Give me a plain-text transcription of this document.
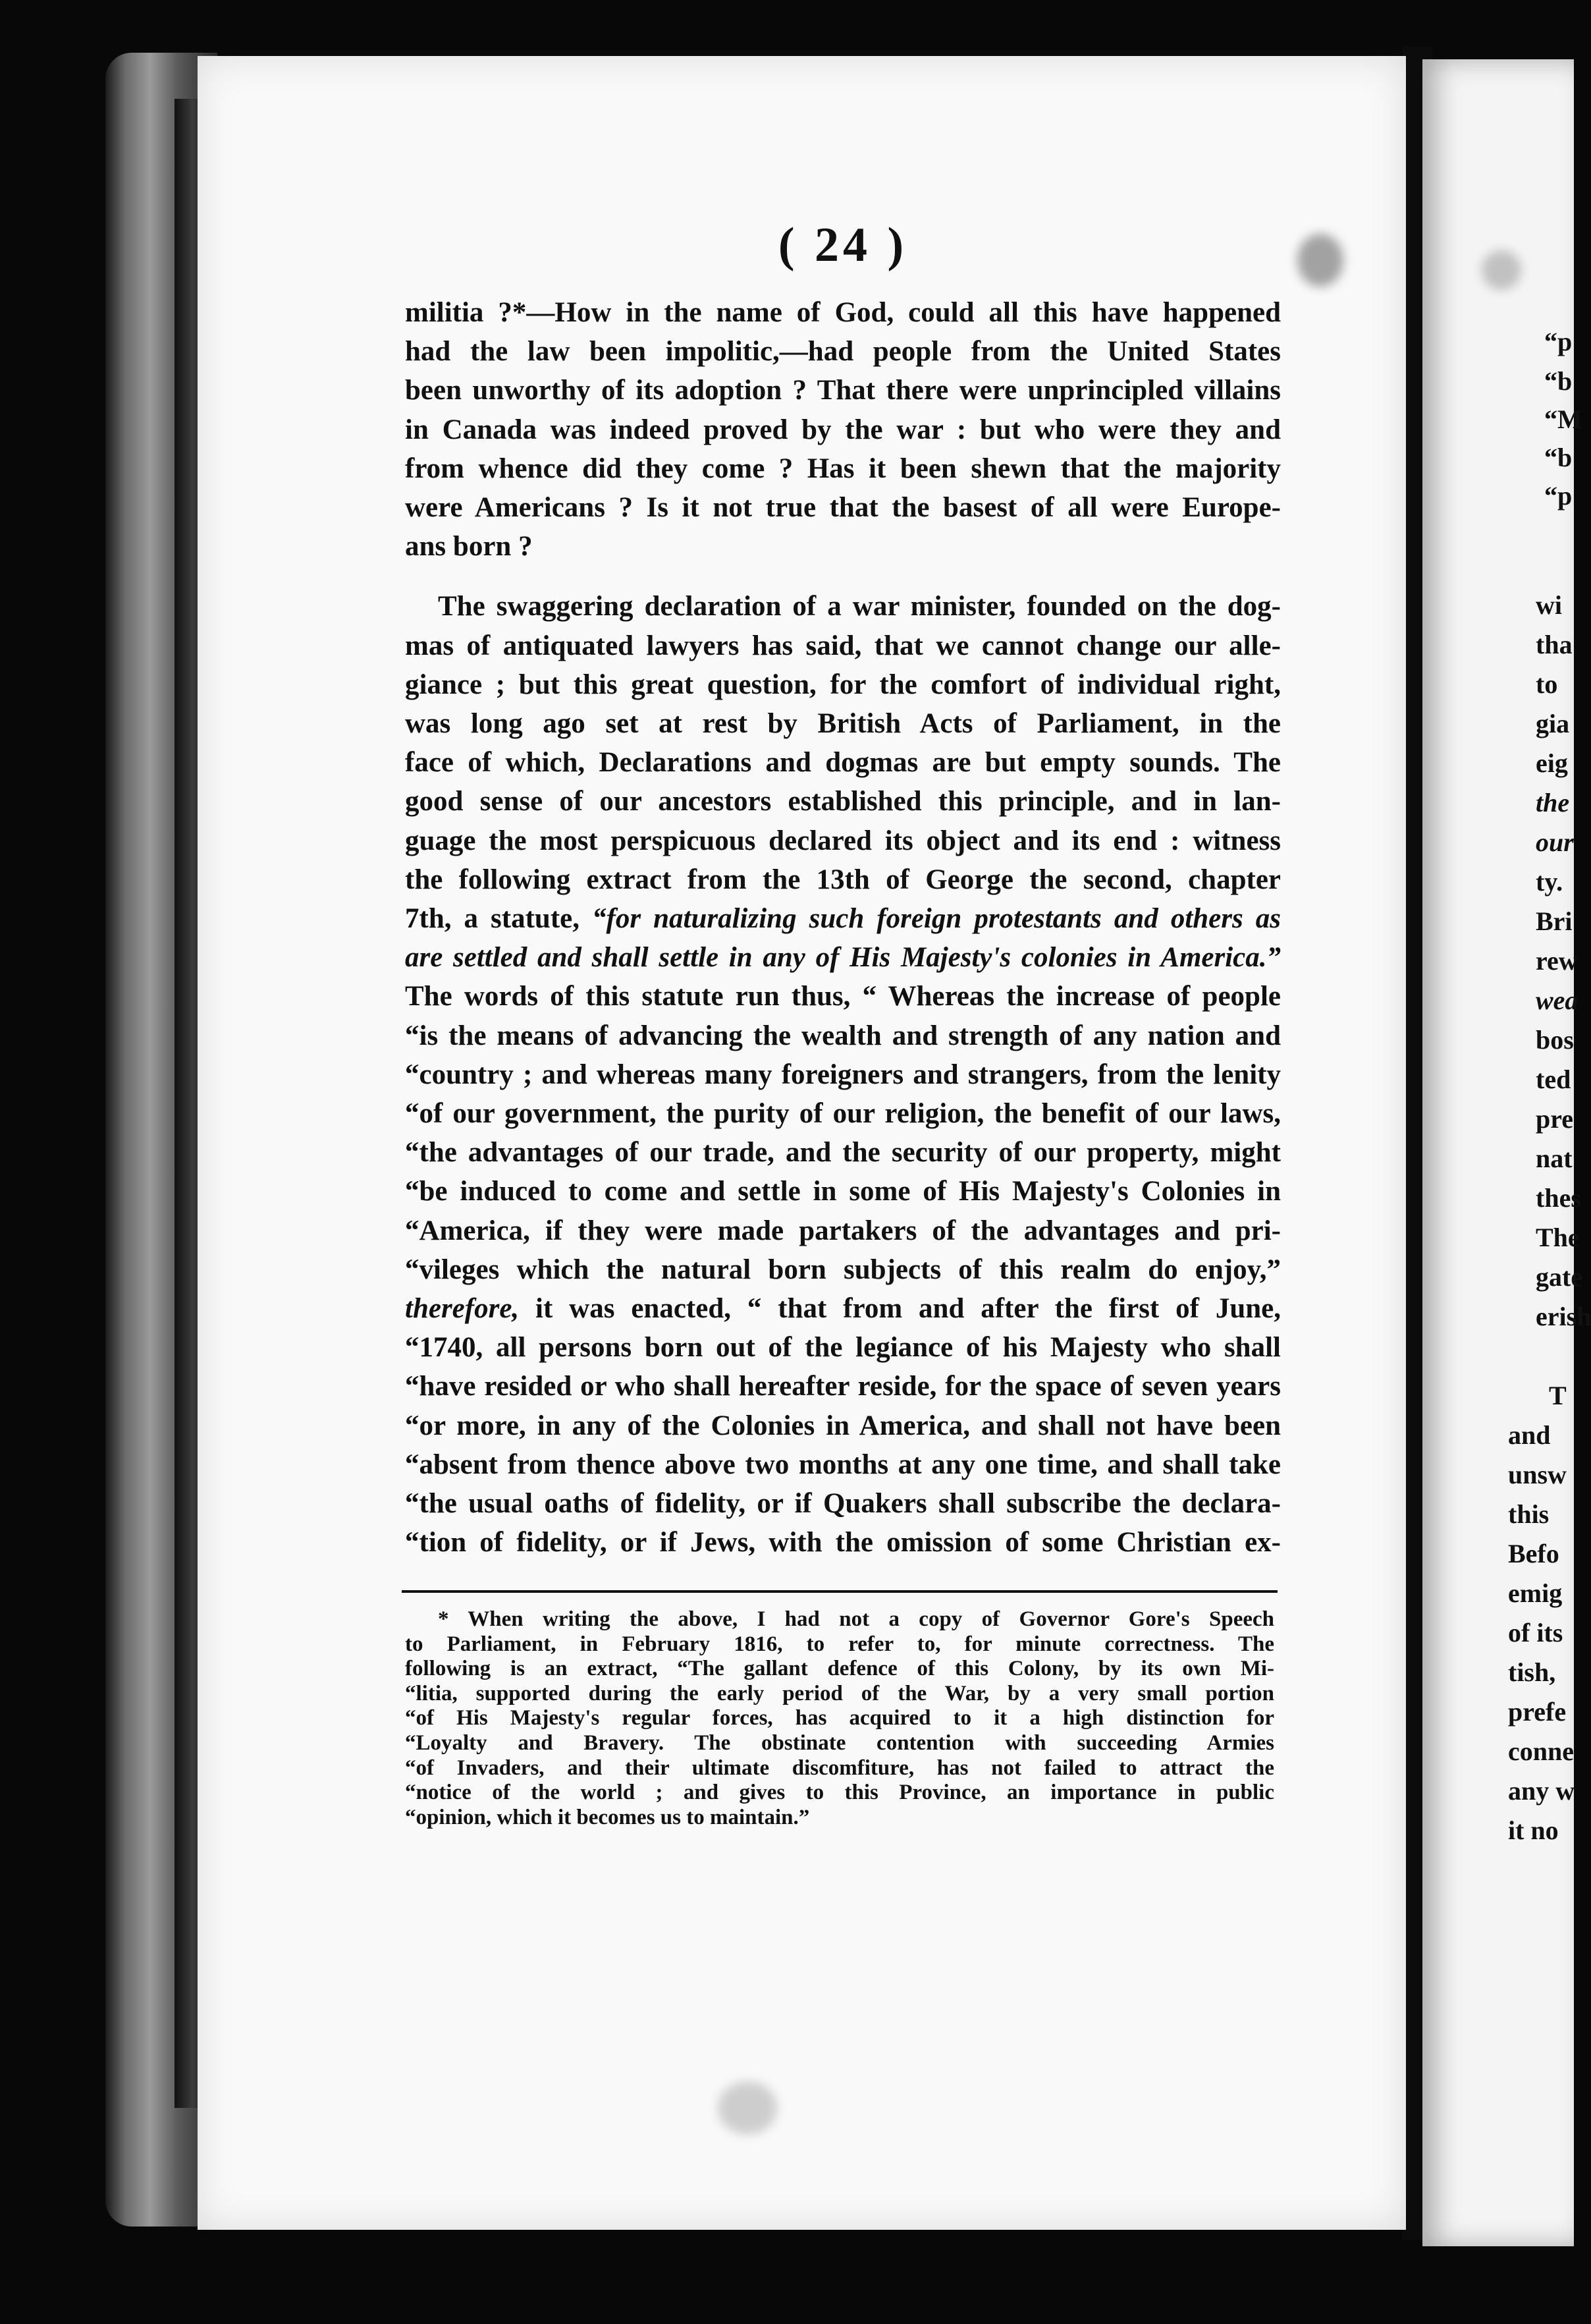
( 24 )
militia ?*—How in the name of God, could all this have happened
had the law been impolitic,—had people from the United States
been unworthy of its adoption ? That there were unprincipled villains
in Canada was indeed proved by the war : but who were they and
from whence did they come ? Has it been shewn that the majority
were Americans ? Is it not true that the basest of all were Europe-
ans born ?
The swaggering declaration of a war minister, founded on the dog-
mas of antiquated lawyers has said, that we cannot change our alle-
giance ; but this great question, for the comfort of individual right,
was long ago set at rest by British Acts of Parliament, in the
face of which, Declarations and dogmas are but empty sounds. The
good sense of our ancestors established this principle, and in lan-
guage the most perspicuous declared its object and its end : witness
the following extract from the 13th of George the second, chapter
7th, a statute, “for naturalizing such foreign protestants and others as
are settled and shall settle in any of His Majesty's colonies in America.”
The words of this statute run thus, “ Whereas the increase of people
“is the means of advancing the wealth and strength of any nation and
“country ; and whereas many foreigners and strangers, from the lenity
“of our government, the purity of our religion, the benefit of our laws,
“the advantages of our trade, and the security of our property, might
“be induced to come and settle in some of His Majesty's Colonies in
“America, if they were made partakers of the advantages and pri-
“vileges which the natural born subjects of this realm do enjoy,”
therefore, it was enacted, “ that from and after the first of June,
“1740, all persons born out of the legiance of his Majesty who shall
“have resided or who shall hereafter reside, for the space of seven years
“or more, in any of the Colonies in America, and shall not have been
“absent from thence above two months at any one time, and shall take
“the usual oaths of fidelity, or if Quakers shall subscribe the declara-
“tion of fidelity, or if Jews, with the omission of some Christian ex-
* When writing the above, I had not a copy of Governor Gore's Speech
to Parliament, in February 1816, to refer to, for minute correctness. The
following is an extract, “The gallant defence of this Colony, by its own Mi-
“litia, supported during the early period of the War, by a very small portion
“of His Majesty's regular forces, has acquired to it a high distinction for
“Loyalty and Bravery. The obstinate contention with succeeding Armies
“of Invaders, and their ultimate discomfiture, has not failed to attract the
“notice of the world ; and gives to this Province, an importance in public
“opinion, which it becomes us to maintain.”
“p
“b
“M
“b
“p
wi
tha
to
gia
eig
the
our
ty.
Bri
rew
wea
bos
ted
pre
nat
thes
The
gate
erish
T
and
unsw
this
Befo
emig
of its
tish,
prefe
conne
any w
it no
